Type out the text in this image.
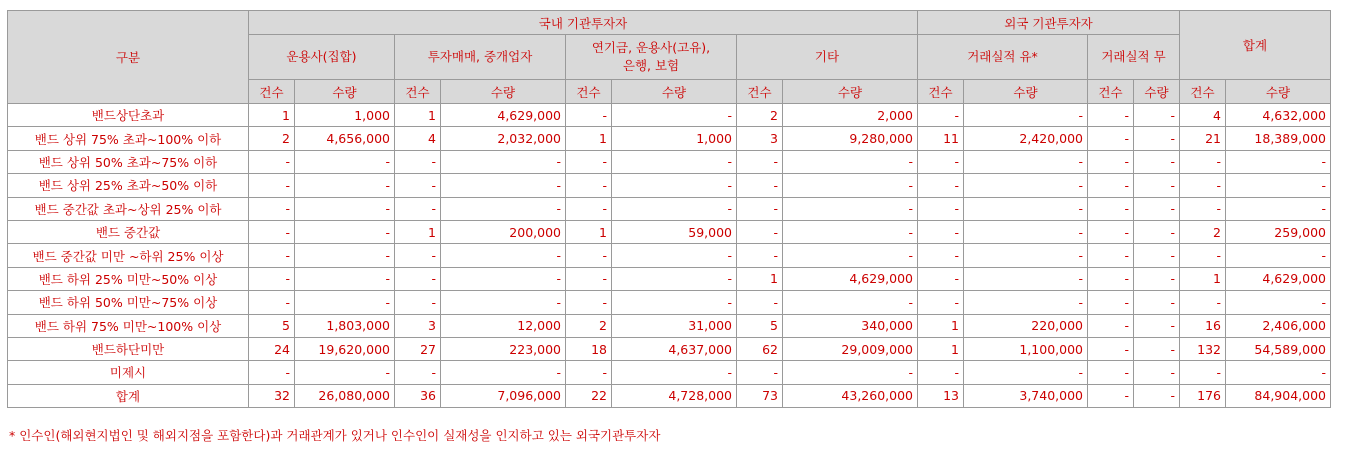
구분	국내 기관투자자								외국 기관투자자				합계	
	운용사(집합)		투자매매, 중개업자		연기금, 운용사(고유),
은행, 보험		기타		거래실적 유*		거래실적 무			
	건수	수량	건수	수량	건수	수량	건수	수량	건수	수량	건수	수량	건수	수량
밴드상단초과	1	1,000	1	4,629,000	-	-	2	2,000	-	-	-	-	4	4,632,000
밴드 상위 75% 초과~100% 이하	2	4,656,000	4	2,032,000	1	1,000	3	9,280,000	11	2,420,000	-	-	21	18,389,000
밴드 상위 50% 초과~75% 이하	-	-	-	-	-	-	-	-	-	-	-	-	-	-
밴드 상위 25% 초과~50% 이하	-	-	-	-	-	-	-	-	-	-	-	-	-	-
밴드 중간값 초과~상위 25% 이하	-	-	-	-	-	-	-	-	-	-	-	-	-	-
밴드 중간값	-	-	1	200,000	1	59,000	-	-	-	-	-	-	2	259,000
밴드 중간값 미만 ~하위 25% 이상	-	-	-	-	-	-	-	-	-	-	-	-	-	-
밴드 하위 25% 미만~50% 이상	-	-	-	-	-	-	1	4,629,000	-	-	-	-	1	4,629,000
밴드 하위 50% 미만~75% 이상	-	-	-	-	-	-	-	-	-	-	-	-	-	-
밴드 하위 75% 미만~100% 이상	5	1,803,000	3	12,000	2	31,000	5	340,000	1	220,000	-	-	16	2,406,000
밴드하단미만	24	19,620,000	27	223,000	18	4,637,000	62	29,009,000	1	1,100,000	-	-	132	54,589,000
미제시	-	-	-	-	-	-	-	-	-	-	-	-	-	-
합계	32	26,080,000	36	7,096,000	22	4,728,000	73	43,260,000	13	3,740,000	-	-	176	84,904,000
* 인수인(해외현지법인 및 해외지점을 포함한다)과 거래관계가 있거나 인수인이 실재성을 인지하고 있는 외국기관투자자
